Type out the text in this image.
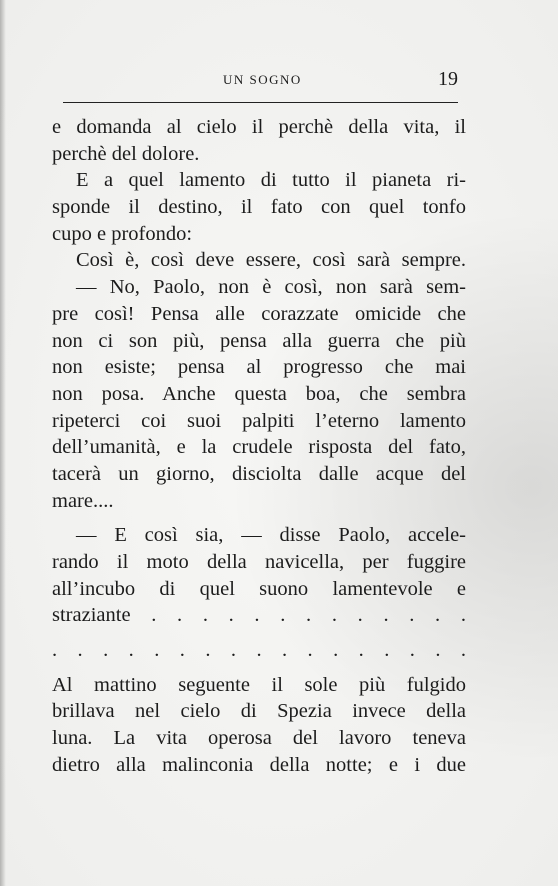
UN SOGNO	19
e domanda al cielo il perchè della vita, il
perchè del dolore.
E a quel lamento di tutto il pianeta ri-
sponde il destino, il fato con quel tonfo
cupo e profondo:
Così è, così deve essere, così sarà sempre.
— No, Paolo, non è così, non sarà sem-
pre così! Pensa alle corazzate omicide che
non ci son più, pensa alla guerra che più
non esiste; pensa al progresso che mai
non posa. Anche questa boa, che sembra
ripeterci coi suoi palpiti l’eterno lamento
dell’umanità, e la crudele risposta del fato,
tacerà un giorno, disciolta dalle acque del
mare....
— E così sia, — disse Paolo, accele-
rando il moto della navicella, per fuggire
all’incubo di quel suono lamentevole e
straziante . . . . . . . . . . . . .
. . . . . . . . . . . . . . . . .
Al mattino seguente il sole più fulgido
brillava nel cielo di Spezia invece della
luna. La vita operosa del lavoro teneva
dietro alla malinconia della notte; e i due
